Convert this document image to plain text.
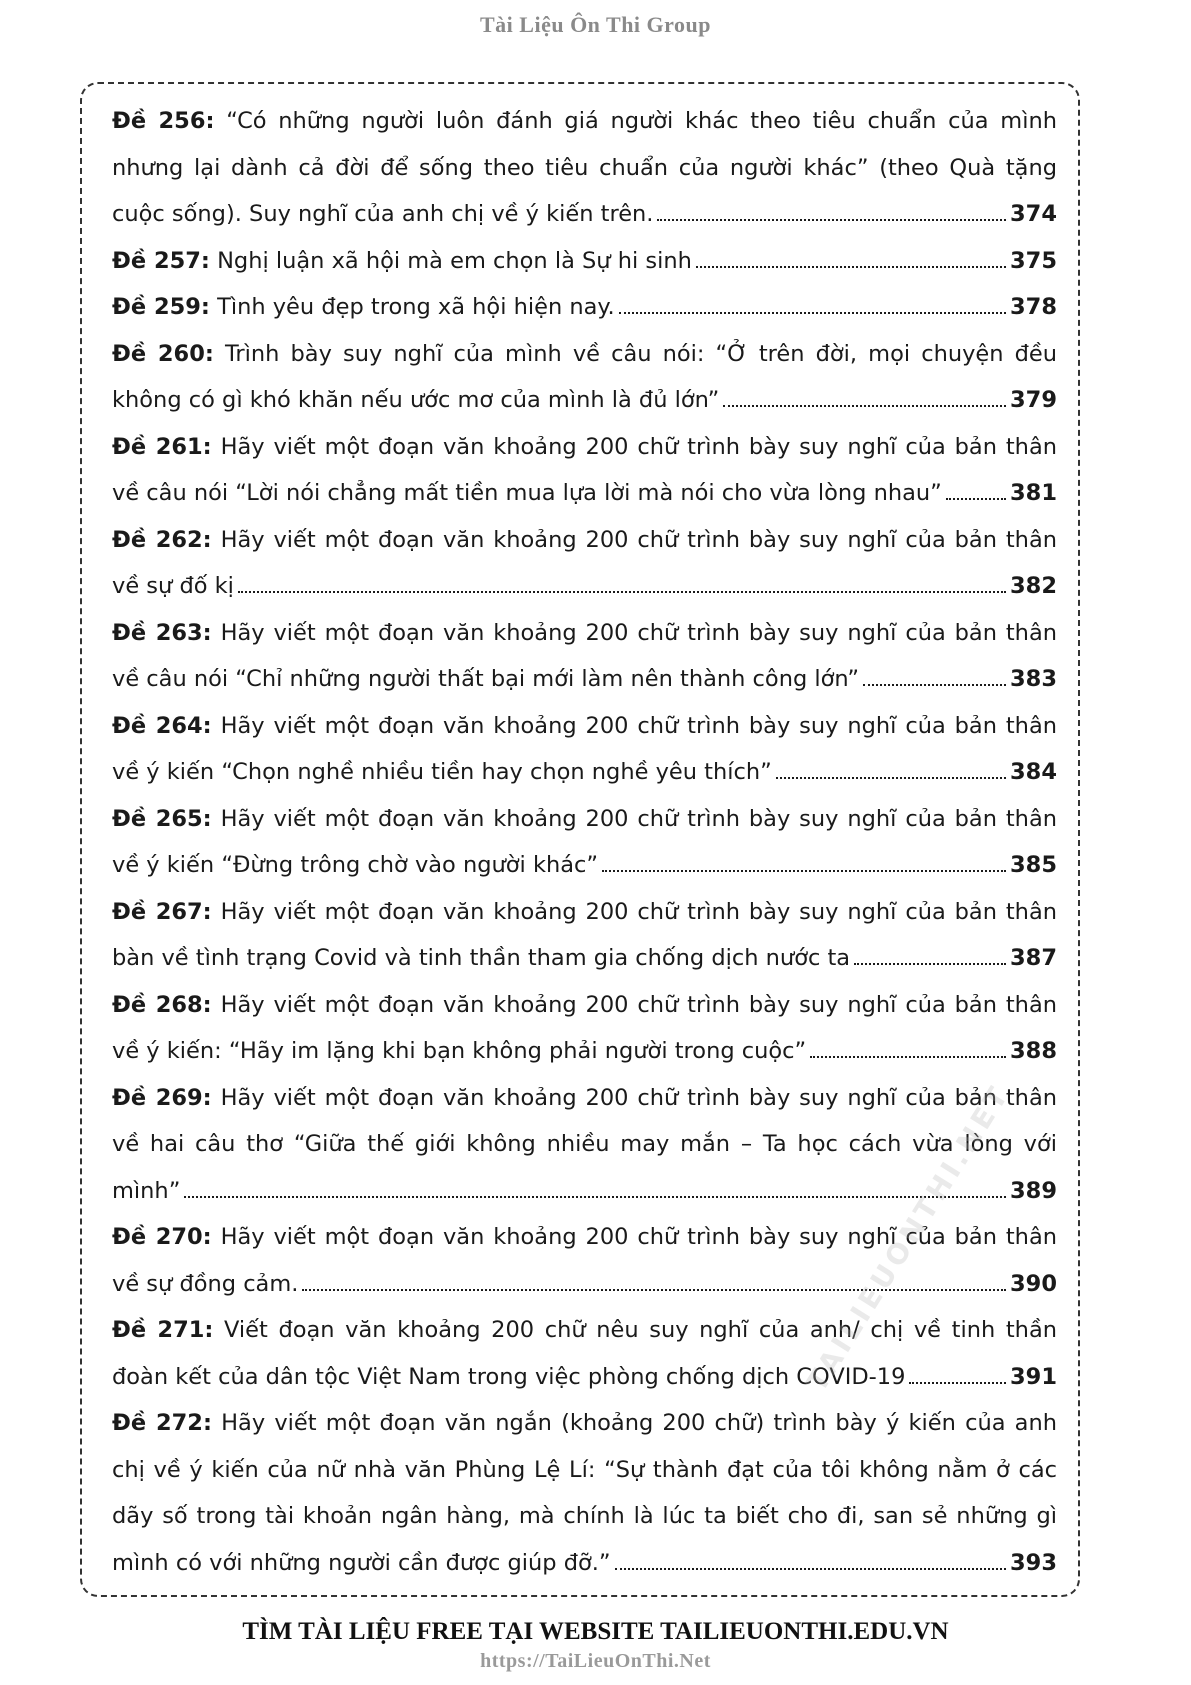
Tài Liệu Ôn Thi Group
Đề 256: “Có những người luôn đánh giá người khác theo tiêu chuẩn của mình
nhưng lại dành cả đời để sống theo tiêu chuẩn của người khác” (theo Quà tặng
cuộc sống). Suy nghĩ của anh chị về ý kiến trên.	374
Đề 257: Nghị luận xã hội mà em chọn là Sự hi sinh	375
Đề 259: Tình yêu đẹp trong xã hội hiện nay.	378
Đề 260: Trình bày suy nghĩ của mình về câu nói: “Ở trên đời, mọi chuyện đều
không có gì khó khăn nếu ước mơ của mình là đủ lớn”	379
Đề 261: Hãy viết một đoạn văn khoảng 200 chữ trình bày suy nghĩ của bản thân
về câu nói “Lời nói chẳng mất tiền mua lựa lời mà nói cho vừa lòng nhau”	381
Đề 262: Hãy viết một đoạn văn khoảng 200 chữ trình bày suy nghĩ của bản thân
về sự đố kị	382
Đề 263: Hãy viết một đoạn văn khoảng 200 chữ trình bày suy nghĩ của bản thân
về câu nói “Chỉ những người thất bại mới làm nên thành công lớn”	383
Đề 264: Hãy viết một đoạn văn khoảng 200 chữ trình bày suy nghĩ của bản thân
về ý kiến “Chọn nghề nhiều tiền hay chọn nghề yêu thích”	384
Đề 265: Hãy viết một đoạn văn khoảng 200 chữ trình bày suy nghĩ của bản thân
về ý kiến “Đừng trông chờ vào người khác”	385
Đề 267: Hãy viết một đoạn văn khoảng 200 chữ trình bày suy nghĩ của bản thân
bàn về tình trạng Covid và tinh thần tham gia chống dịch nước ta	387
Đề 268: Hãy viết một đoạn văn khoảng 200 chữ trình bày suy nghĩ của bản thân
về ý kiến: “Hãy im lặng khi bạn không phải người trong cuộc”	388
Đề 269: Hãy viết một đoạn văn khoảng 200 chữ trình bày suy nghĩ của bản thân
về hai câu thơ “Giữa thế giới không nhiều may mắn – Ta học cách vừa lòng với
mình”	389
Đề 270: Hãy viết một đoạn văn khoảng 200 chữ trình bày suy nghĩ của bản thân
về sự đồng cảm.	390
Đề 271: Viết đoạn văn khoảng 200 chữ nêu suy nghĩ của anh/ chị về tinh thần
đoàn kết của dân tộc Việt Nam trong việc phòng chống dịch COVID-19	391
Đề 272: Hãy viết một đoạn văn ngắn (khoảng 200 chữ) trình bày ý kiến của anh
chị về ý kiến của nữ nhà văn Phùng Lệ Lí: “Sự thành đạt của tôi không nằm ở các
dãy số trong tài khoản ngân hàng, mà chính là lúc ta biết cho đi, san sẻ những gì
mình có với những người cần được giúp đỡ.”	393
TAILIEUONTHI.NET
TÌM TÀI LIỆU FREE TẠI WEBSITE TAILIEUONTHI.EDU.VN
https://TaiLieuOnThi.Net
